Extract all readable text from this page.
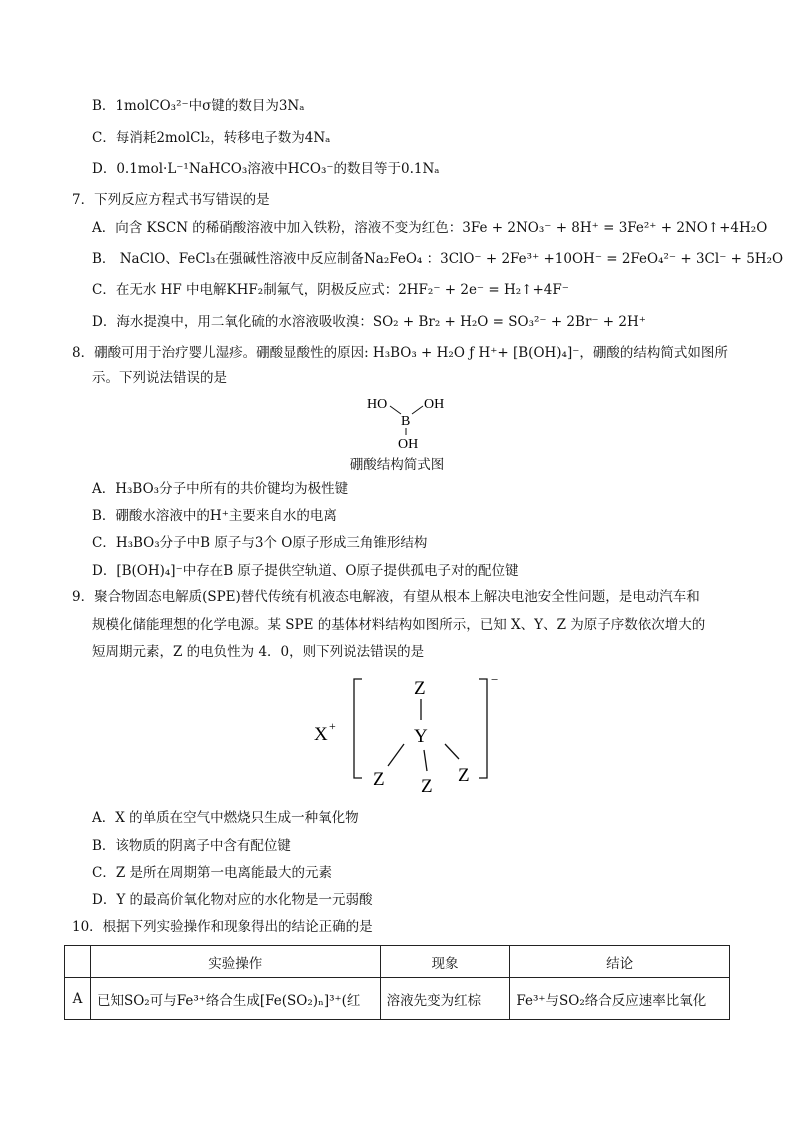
B．1molCO₃²⁻中σ键的数目为3Nₐ
C．每消耗2molCl₂，转移电子数为4Nₐ
D．0.1mol·L⁻¹NaHCO₃溶液中HCO₃⁻的数目等于0.1Nₐ
7．下列反应方程式书写错误的是
A．向含 KSCN 的稀硝酸溶液中加入铁粉，溶液不变为红色：3Fe + 2NO₃⁻ + 8H⁺ = 3Fe²⁺ + 2NO↑+4H₂O
B． NaClO、FeCl₃在强碱性溶液中反应制备Na₂FeO₄ ：3ClO⁻ + 2Fe³⁺ +10OH⁻ = 2FeO₄²⁻ + 3Cl⁻ + 5H₂O
C．在无水 HF 中电解KHF₂制氟气，阴极反应式：2HF₂⁻ + 2e⁻ = H₂↑+4F⁻
D．海水提溴中，用二氧化硫的水溶液吸收溴：SO₂ + Br₂ + H₂O = SO₃²⁻ + 2Br⁻ + 2H⁺
8．硼酸可用于治疗婴儿湿疹。硼酸显酸性的原因: H₃BO₃ + H₂O ƒ H⁺+ [B(OH)₄]⁻，硼酸的结构简式如图所
示。下列说法错误的是
HO	OH
B
OH
硼酸结构简式图
A．H₃BO₃分子中所有的共价键均为极性键
B．硼酸水溶液中的H⁺主要来自水的电离
C．H₃BO₃分子中B 原子与3个 O原子形成三角锥形结构
D．[B(OH)₄]⁻中存在B 原子提供空轨道、O原子提供孤电子对的配位键
9．聚合物固态电解质(SPE)替代传统有机液态电解液，有望从根本上解决电池安全性问题，是电动汽车和
规模化储能理想的化学电源。某 SPE 的基体材料结构如图所示，已知 X、Y、Z 为原子序数依次增大的
短周期元素，Z 的电负性为 4．0，则下列说法错误的是
X +
−
Z
Y
Z Z
Z
A．X 的单质在空气中燃烧只生成一种氧化物
B．该物质的阴离子中含有配位键
C．Z 是所在周期第一电离能最大的元素
D．Y 的最高价氧化物对应的水化物是一元弱酸
10．根据下列实验操作和现象得出的结论正确的是
	实验操作	现象	结论
A	已知SO₂可与Fe³⁺络合生成[Fe(SO₂)ₙ]³⁺(红	溶液先变为红棕	Fe³⁺与SO₂络合反应速率比氧化
